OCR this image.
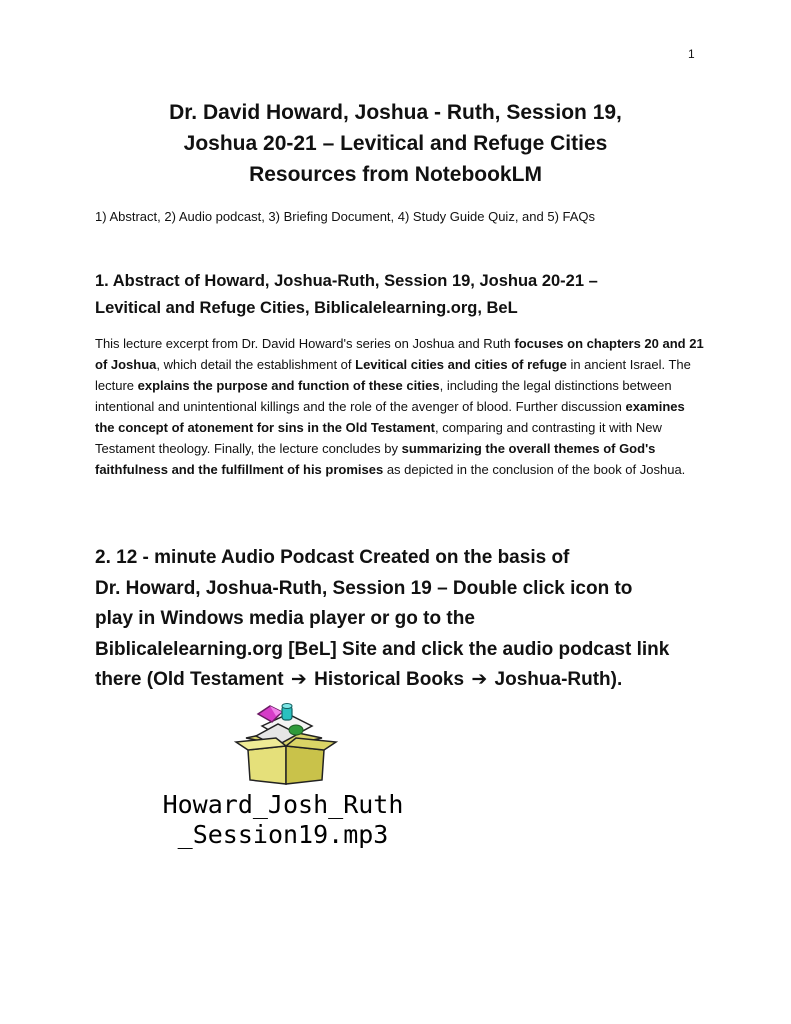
1
Dr. David Howard, Joshua - Ruth, Session 19,
Joshua 20-21 – Levitical and Refuge Cities
Resources from NotebookLM
1) Abstract, 2) Audio podcast, 3) Briefing Document, 4) Study Guide Quiz, and 5) FAQs
1. Abstract of Howard, Joshua-Ruth, Session 19, Joshua 20-21 –
Levitical and Refuge Cities, Biblicalelearning.org, BeL
This lecture excerpt from Dr. David Howard's series on Joshua and Ruth focuses on chapters 20 and 21 of Joshua, which detail the establishment of Levitical cities and cities of refuge in ancient Israel. The lecture explains the purpose and function of these cities, including the legal distinctions between intentional and unintentional killings and the role of the avenger of blood. Further discussion examines the concept of atonement for sins in the Old Testament, comparing and contrasting it with New Testament theology. Finally, the lecture concludes by summarizing the overall themes of God's faithfulness and the fulfillment of his promises as depicted in the conclusion of the book of Joshua.
2. 12 - minute Audio Podcast Created on the basis of
Dr. Howard, Joshua-Ruth, Session 19 – Double click icon to
play in Windows media player or go to the
Biblicalelearning.org [BeL] Site and click the audio podcast link
there (Old Testament ➔ Historical Books ➔ Joshua-Ruth).
Howard_Josh_Ruth
_Session19.mp3
